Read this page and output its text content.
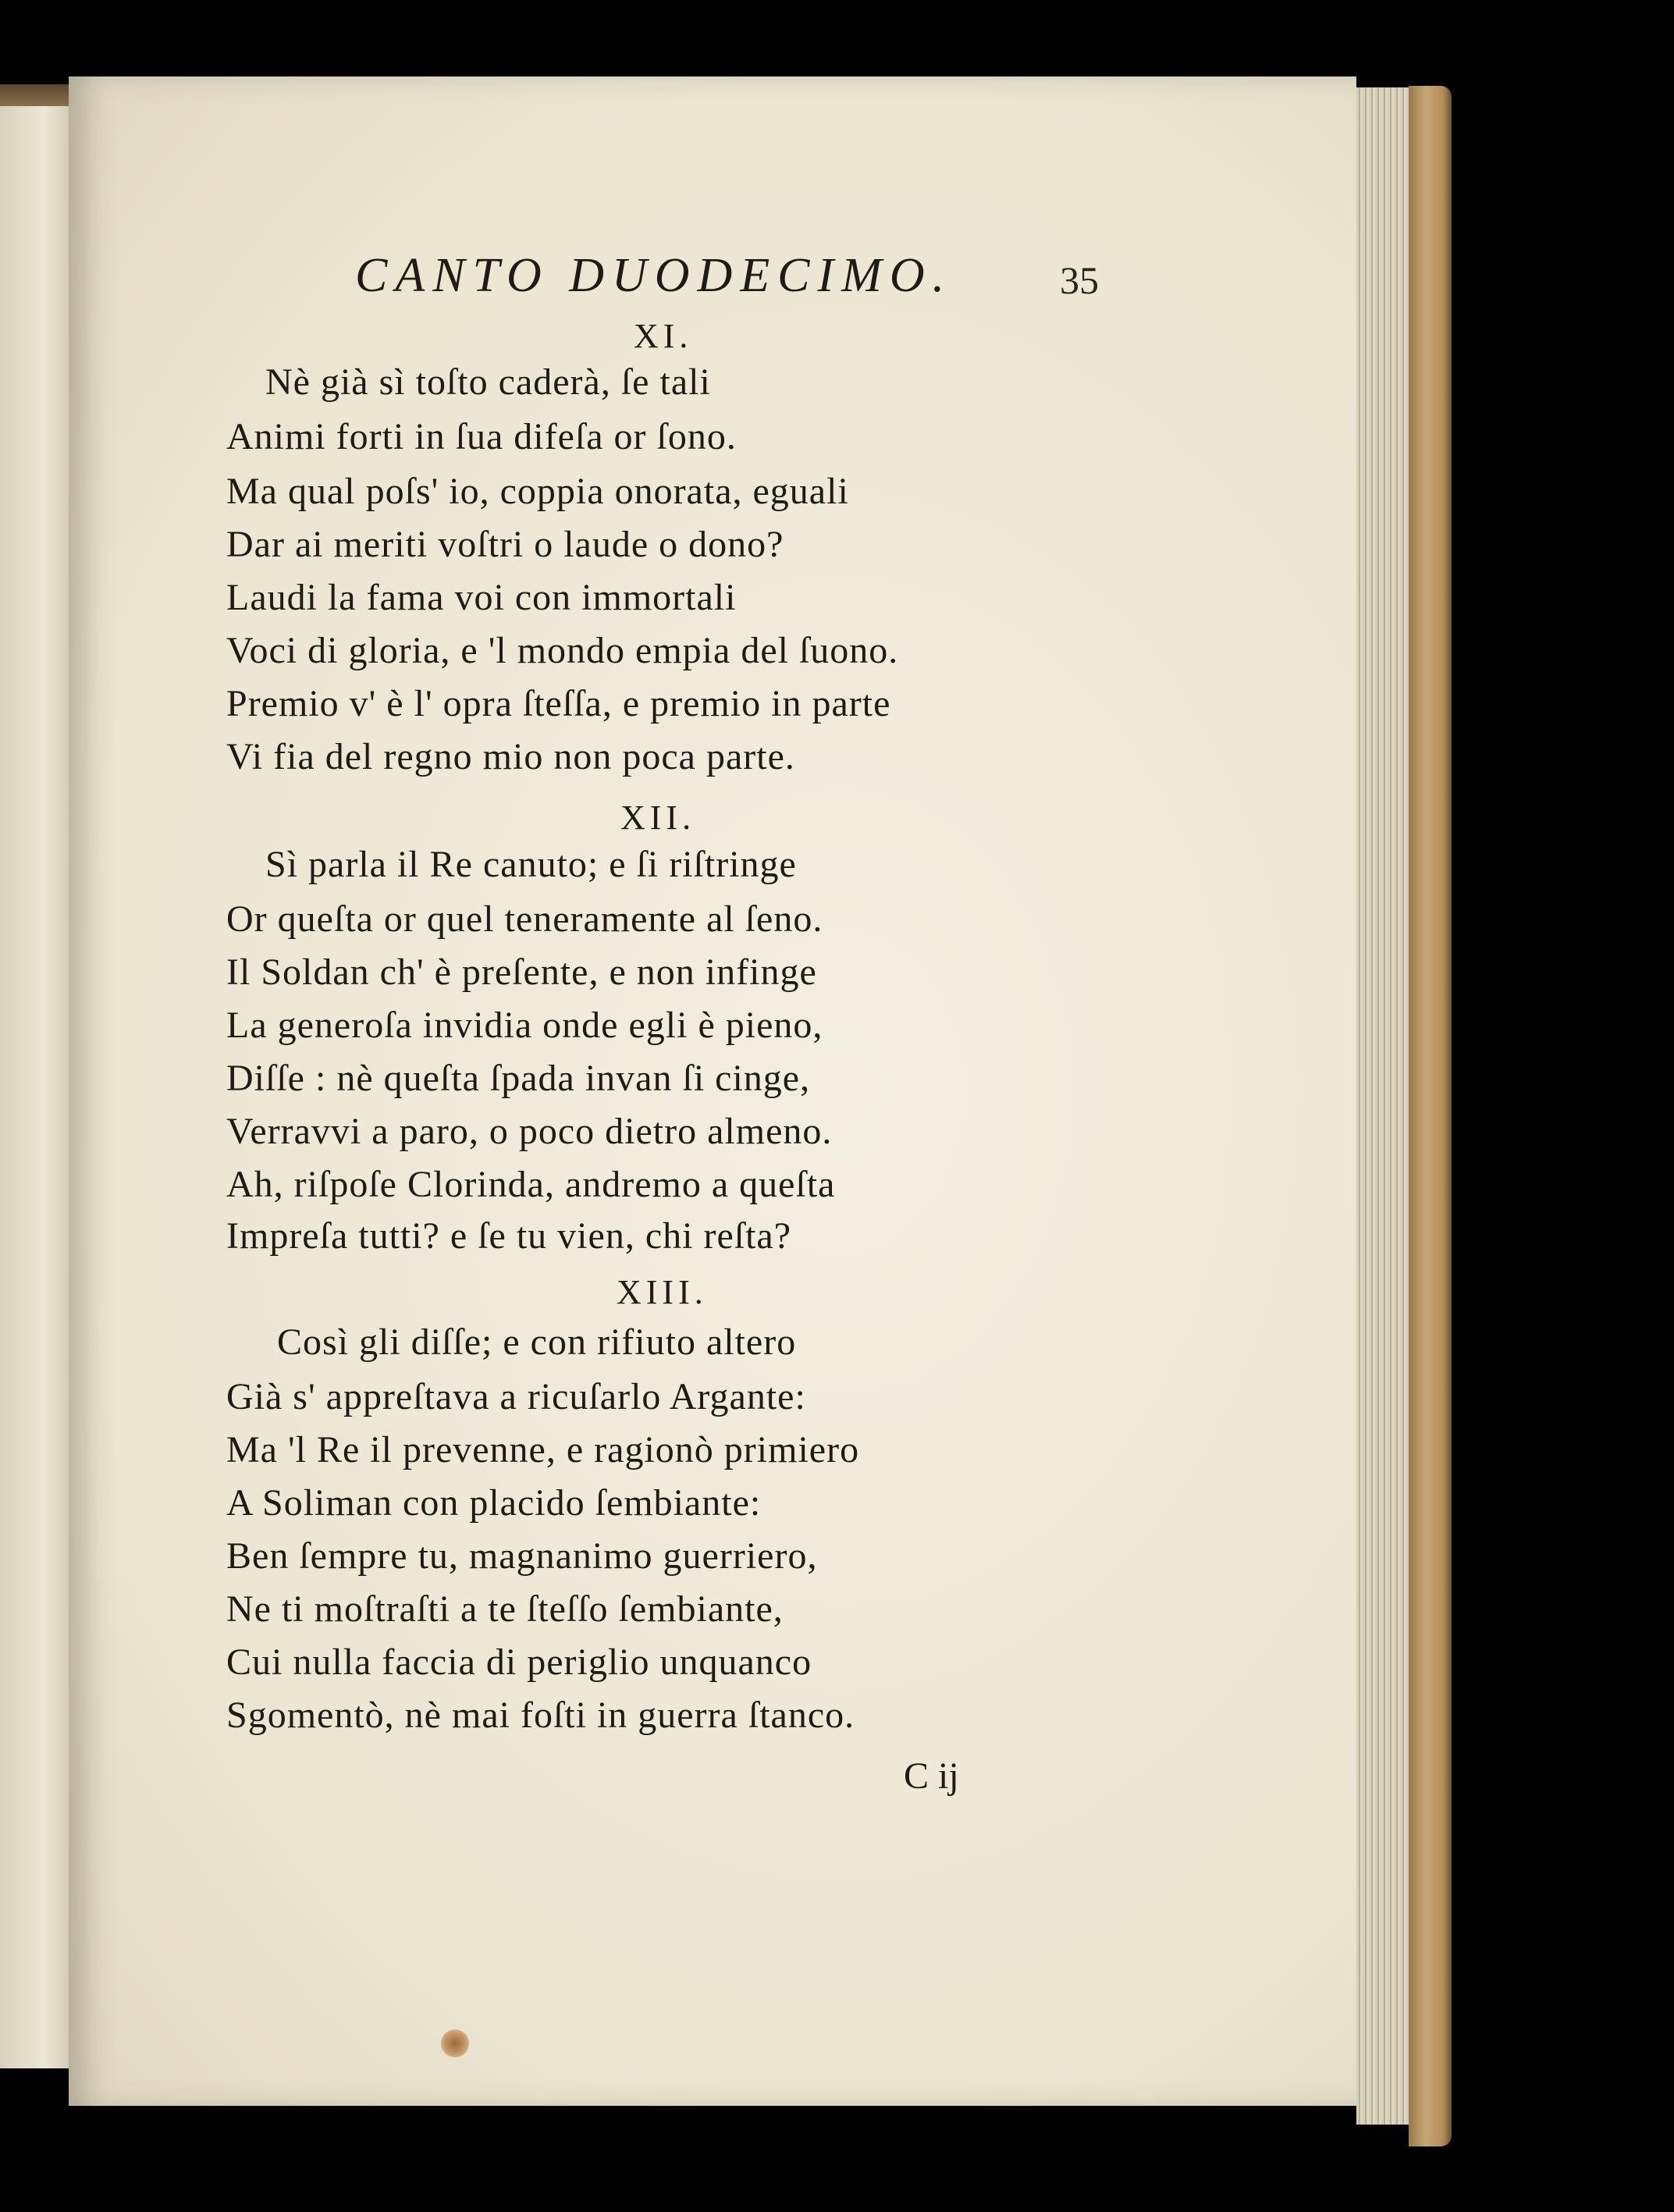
CANTO DUODECIMO.	35
XI.
Nè già sì toſto caderà, ſe tali
Animi forti in ſua difeſa or ſono.
Ma qual poſs' io, coppia onorata, eguali
Dar ai meriti voſtri o laude o dono?
Laudi la fama voi con immortali
Voci di gloria, e 'l mondo empia del ſuono.
Premio v' è l' opra ſteſſa, e premio in parte
Vi fia del regno mio non poca parte.
XII.
Sì parla il Re canuto; e ſi riſtringe
Or queſta or quel teneramente al ſeno.
Il Soldan ch' è preſente, e non infinge
La generoſa invidia onde egli è pieno,
Diſſe : nè queſta ſpada invan ſi cinge,
Verravvi a paro, o poco dietro almeno.
Ah, riſpoſe Clorinda, andremo a queſta
Impreſa tutti? e ſe tu vien, chi reſta?
XIII.
Così gli diſſe; e con rifiuto altero
Già s' appreſtava a ricuſarlo Argante:
Ma 'l Re il prevenne, e ragionò primiero
A Soliman con placido ſembiante:
Ben ſempre tu, magnanimo guerriero,
Ne ti moſtraſti a te ſteſſo ſembiante,
Cui nulla faccia di periglio unquanco
Sgomentò, nè mai foſti in guerra ſtanco.
C ij
